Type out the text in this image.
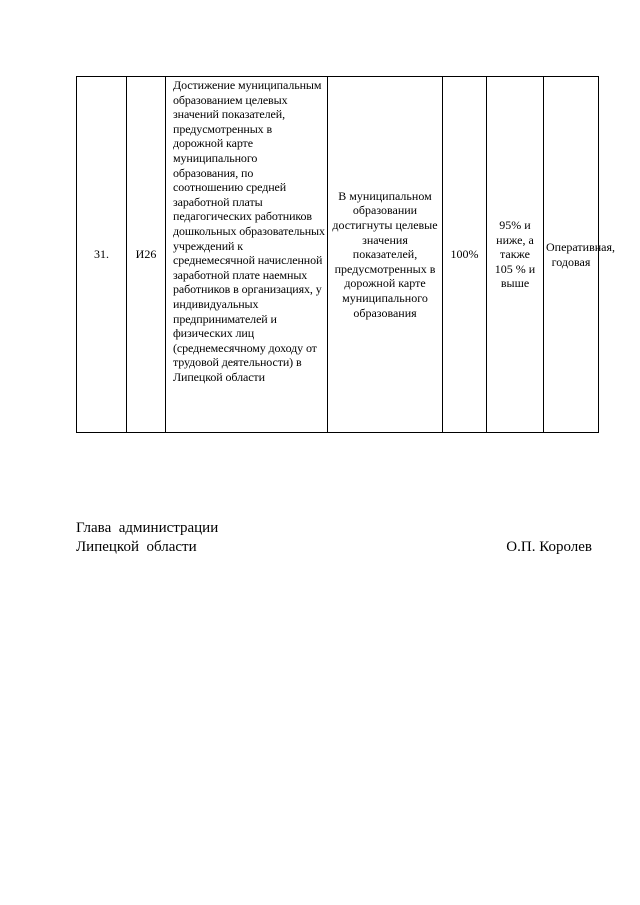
31.	И26	Достижение муниципальным образованием целевых значений показателей, предусмотренных в дорожной карте муниципального образования, по соотношению средней заработной платы педагогических работников дошкольных образовательных учреждений к среднемесячной начисленной заработной плате наемных работников в организациях, у индивидуальных предпринимателей и физических лиц (среднемесячному доходу от трудовой деятельности) в Липецкой области	В муниципальном образовании достигнуты целевые значения показателей, предусмотренных в дорожной карте муниципального образования	100%	95% и ниже, а также 105 % и выше	Оперативная, годовая
Глава  администрации
Липецкой  области	О.П. Королев
